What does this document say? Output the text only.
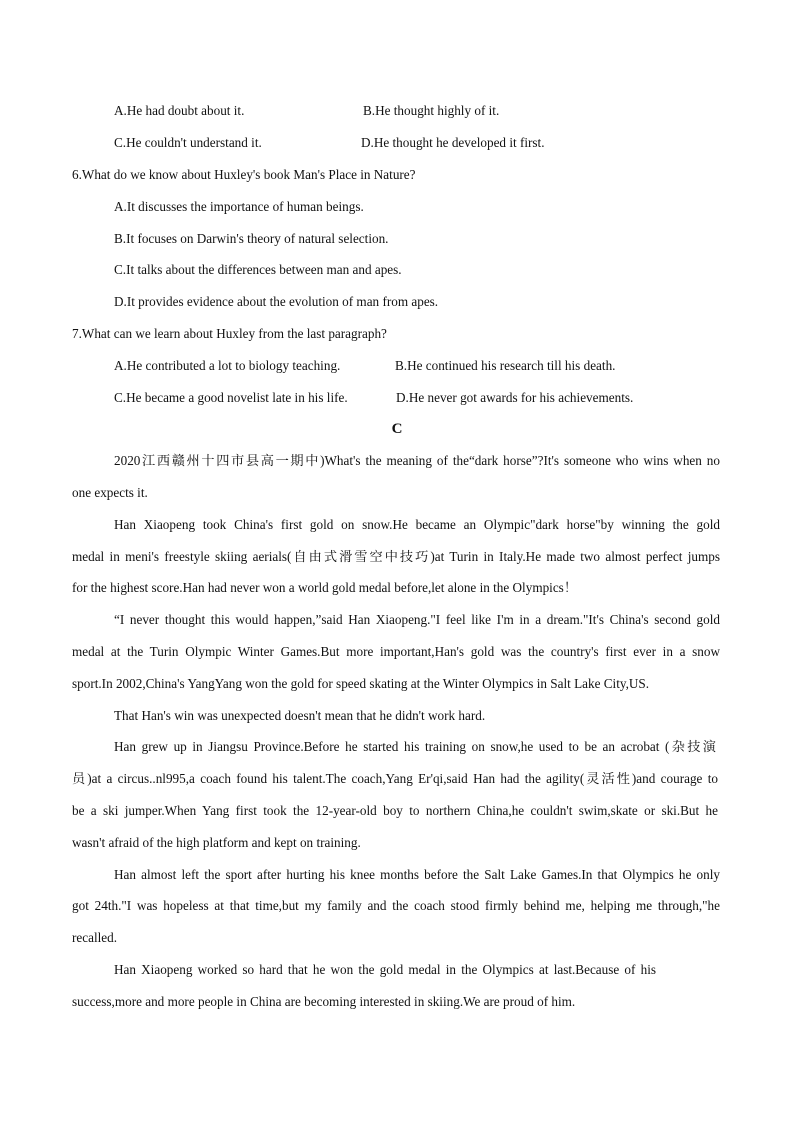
A.He had doubt about it.	B.He thought highly of it.
C.He couldn't understand it.	D.He thought he developed it first.
6.What do we know about Huxley's book Man's Place in Nature?
A.It discusses the importance of human beings.
B.It focuses on Darwin's theory of natural selection.
C.It talks about the differences between man and apes.
D.It provides evidence about the evolution of man from apes.
7.What can we learn about Huxley from the last paragraph?
A.He contributed a lot to biology teaching.	B.He continued his research till his death.
C.He became a good novelist late in his life.	D.He never got awards for his achievements.
C
2020江西赣州十四市县高一期中)What's the meaning of the“dark horse”?It's someone who wins when no
one expects it.
Han Xiaopeng took China's first gold on snow.He became an Olympic"dark horse"by winning the gold
medal in meni's freestyle skiing aerials(自由式滑雪空中技巧)at Turin in Italy.He made two almost perfect jumps
for the highest score.Han had never won a world gold medal before,let alone in the Olympics！
“I never thought this would happen,”said Han Xiaopeng."I feel like I'm in a dream."It's China's second gold
medal at the Turin Olympic Winter Games.But more important,Han's gold was the country's first ever in a snow
sport.In 2002,China's YangYang won the gold for speed skating at the Winter Olympics in Salt Lake City,US.
That Han's win was unexpected doesn't mean that he didn't work hard.
Han grew up in Jiangsu Province.Before he started his training on snow,he used to be an acrobat (杂技演
员)at a circus..nl995,a coach found his talent.The coach,Yang Er'qi,said Han had the agility(灵活性)and courage to
be a ski jumper.When Yang first took the 12-year-old boy to northern China,he couldn't swim,skate or ski.But he
wasn't afraid of the high platform and kept on training.
Han almost left the sport after hurting his knee months before the Salt Lake Games.In that Olympics he only
got 24th."I was hopeless at that time,but my family and the coach stood firmly behind me, helping me through,"he
recalled.
Han Xiaopeng worked so hard that he won the gold medal in the Olympics at last.Because of his
success,more and more people in China are becoming interested in skiing.We are proud of him.
